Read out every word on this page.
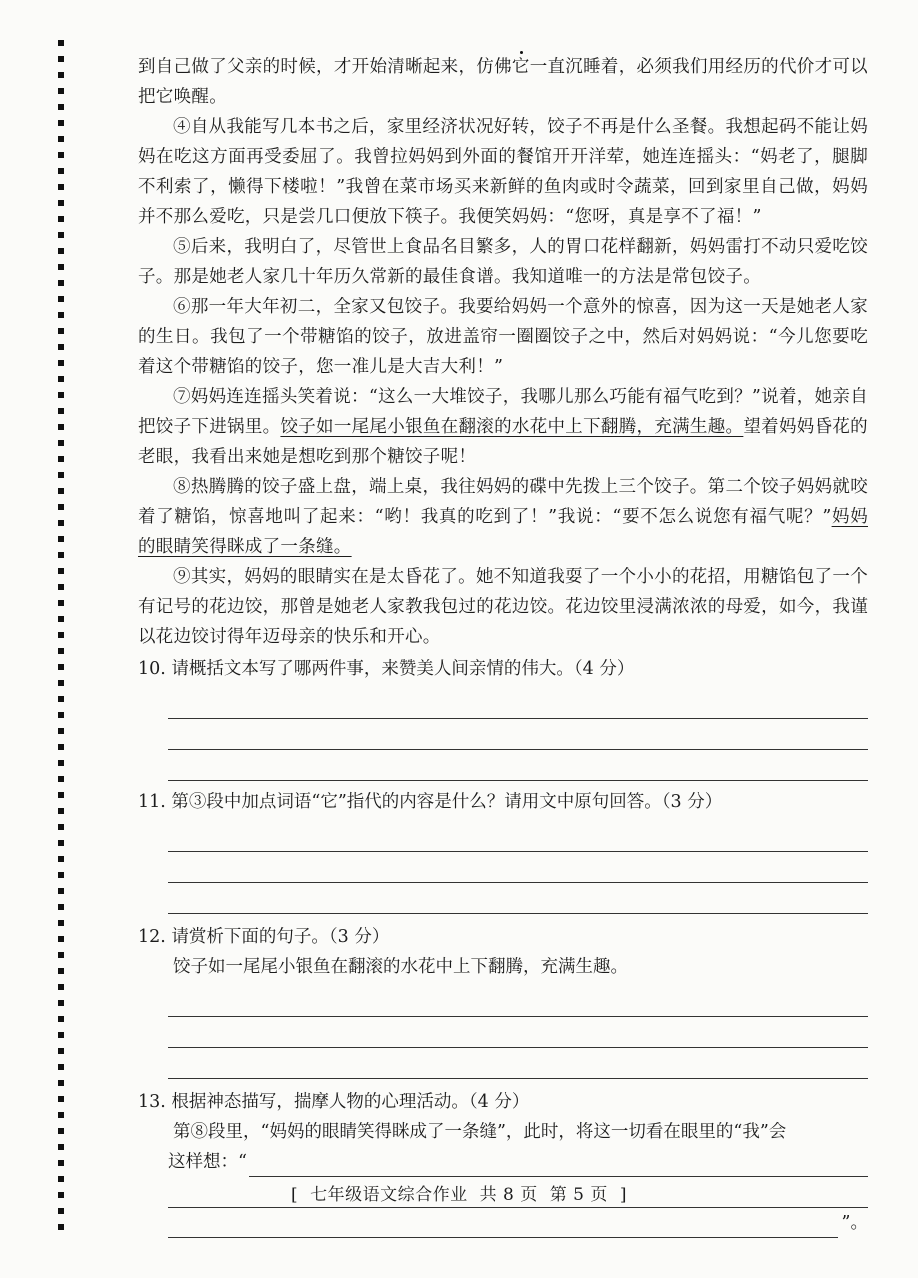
到自己做了父亲的时候，才开始清晰起来，仿佛它一直沉睡着，必须我们用经历的代价才可以把它唤醒。

④自从我能写几本书之后，家里经济状况好转，饺子不再是什么圣餐。我想起码不能让妈妈在吃这方面再受委屈了。我曾拉妈妈到外面的餐馆开开洋荤，她连连摇头：“妈老了，腿脚不利索了，懒得下楼啦！”我曾在菜市场买来新鲜的鱼肉或时令蔬菜，回到家里自己做，妈妈并不那么爱吃，只是尝几口便放下筷子。我便笑妈妈：“您呀，真是享不了福！”

⑤后来，我明白了，尽管世上食品名目繁多，人的胃口花样翻新，妈妈雷打不动只爱吃饺子。那是她老人家几十年历久常新的最佳食谱。我知道唯一的方法是常包饺子。

⑥那一年大年初二，全家又包饺子。我要给妈妈一个意外的惊喜，因为这一天是她老人家的生日。我包了一个带糖馅的饺子，放进盖帘一圈圈饺子之中，然后对妈妈说：“今儿您要吃着这个带糖馅的饺子，您一准儿是大吉大利！”

⑦妈妈连连摇头笑着说：“这么一大堆饺子，我哪儿那么巧能有福气吃到？”说着，她亲自把饺子下进锅里。饺子如一尾尾小银鱼在翻滚的水花中上下翻腾，充满生趣。望着妈妈昏花的老眼，我看出来她是想吃到那个糖饺子呢！

⑧热腾腾的饺子盛上盘，端上桌，我往妈妈的碟中先拨上三个饺子。第二个饺子妈妈就咬着了糖馅，惊喜地叫了起来：“哟！我真的吃到了！”我说：“要不怎么说您有福气呢？”妈妈的眼睛笑得眯成了一条缝。

⑨其实，妈妈的眼睛实在是太昏花了。她不知道我耍了一个小小的花招，用糖馅包了一个有记号的花边饺，那曾是她老人家教我包过的花边饺。花边饺里浸满浓浓的母爱，如今，我谨以花边饺讨得年迈母亲的快乐和开心。

10. 请概括文本写了哪两件事，来赞美人间亲情的伟大。（4 分）

11. 第③段中加点词语“它”指代的内容是什么？请用文中原句回答。（3 分）

12. 请赏析下面的句子。（3 分）

饺子如一尾尾小银鱼在翻滚的水花中上下翻腾，充满生趣。

13. 根据神态描写，揣摩人物的心理活动。（4 分）

第⑧段里，“妈妈的眼睛笑得眯成了一条缝”，此时，将这一切看在眼里的“我”会

这样想：“
”。
[ 七年级语文综合作业 共 8 页 第 5 页 ]
